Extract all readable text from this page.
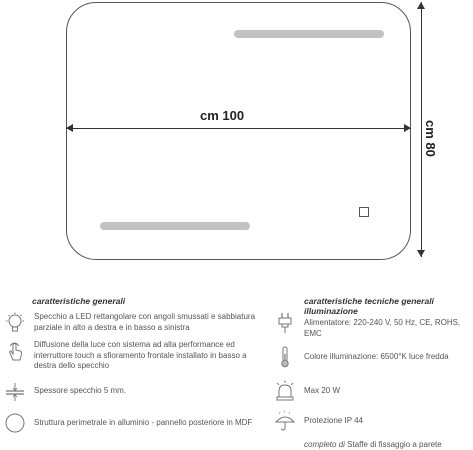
cm 100
cm 80
caratteristiche generali
Specchio a LED rettangolare con angoli smussati e sabbiatura parziale in alto a destra e in basso a sinistra
Diffusione della luce con sistema ad alta performance ed interruttore touch a sfioramento frontale installato in basso a destra dello specchio
Spessore specchio 5 mm.
Struttura perimetrale in alluminio - pannello posteriore in MDF
caratteristiche tecniche generali illuminazione
Alimentatore: 220-240 V, 50 Hz, CE, ROHS, EMC
Colore illuminazione: 6500°K luce fredda
Max 20 W
Protezione IP 44
completo di Staffe di fissaggio a parete
